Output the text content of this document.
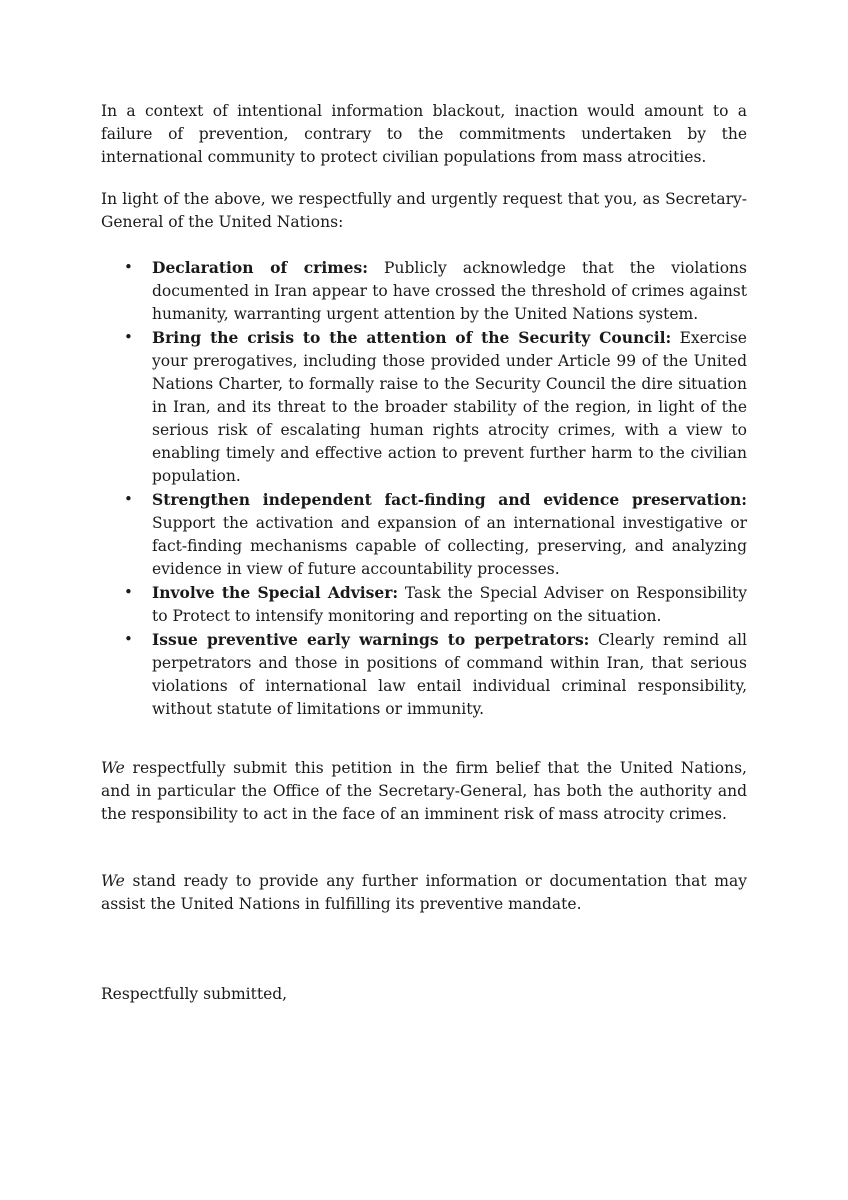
In a context of intentional information blackout, inaction would amount to a failure of prevention, contrary to the commitments undertaken by the international community to protect civilian populations from mass atrocities.

In light of the above, we respectfully and urgently request that you, as Secretary-General of the United Nations:

• Declaration of crimes: Publicly acknowledge that the violations documented in Iran appear to have crossed the threshold of crimes against humanity, warranting urgent attention by the United Nations system.
• Bring the crisis to the attention of the Security Council: Exercise your prerogatives, including those provided under Article 99 of the United Nations Charter, to formally raise to the Security Council the dire situation in Iran, and its threat to the broader stability of the region, in light of the serious risk of escalating human rights atrocity crimes, with a view to enabling timely and effective action to prevent further harm to the civilian population.
• Strengthen independent fact-finding and evidence preservation: Support the activation and expansion of an international investigative or fact-finding mechanisms capable of collecting, preserving, and analyzing evidence in view of future accountability processes.
• Involve the Special Adviser: Task the Special Adviser on Responsibility to Protect to intensify monitoring and reporting on the situation.
• Issue preventive early warnings to perpetrators: Clearly remind all perpetrators and those in positions of command within Iran, that serious violations of international law entail individual criminal responsibility, without statute of limitations or immunity.

We respectfully submit this petition in the firm belief that the United Nations, and in particular the Office of the Secretary-General, has both the authority and the responsibility to act in the face of an imminent risk of mass atrocity crimes.

We stand ready to provide any further information or documentation that may assist the United Nations in fulfilling its preventive mandate.

Respectfully submitted,
